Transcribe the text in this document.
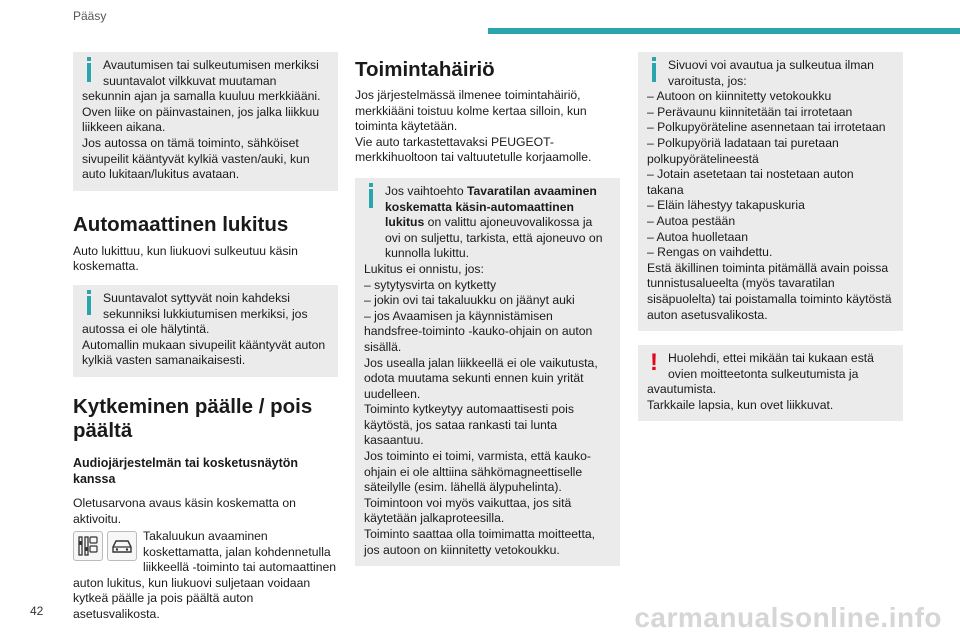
Pääsy

Avautumisen tai sulkeutumisen merkiksi suuntavalot vilkkuvat muutaman

sekunnin ajan ja samalla kuuluu merkkiääni. Oven liike on päinvastainen, jos jalka liikkuu liikkeen aikana.

Jos autossa on tämä toiminto, sähköiset sivupeilit kääntyvät kylkiä vasten/auki, kun auto lukitaan/lukitus avataan.

Automaattinen lukitus

Auto lukittuu, kun liukuovi sulkeutuu käsin koskematta.

Suuntavalot syttyvät noin kahdeksi sekunniksi lukkiutumisen merkiksi, jos

autossa ei ole hälytintä.

Automallin mukaan sivupeilit kääntyvät auton kylkiä vasten samanaikaisesti.

Kytkeminen päälle / pois päältä
Audiojärjestelmän tai kosketusnäytön kanssa

Oletusarvona avaus käsin koskematta on aktivoitu.

Takaluukun avaaminen koskettamatta, jalan kohdennetulla liikkeellä -toiminto tai automaattinen auton lukitus, kun liukuovi suljetaan voidaan kytkeä päälle ja pois päältä auton asetusvalikosta.

Toimintahäiriö

Jos järjestelmässä ilmenee toimintahäiriö, merkkiääni toistuu kolme kertaa silloin, kun toiminta käytetään.

Vie auto tarkastettavaksi PEUGEOT-merkkihuoltoon tai valtuutetulle korjaamolle.

Jos vaihtoehto Tavaratilan avaaminen koskematta käsin-automaattinen lukitus on valittu ajoneuvovalikossa ja ovi on suljettu, tarkista, että ajoneuvo on kunnolla lukittu.

Lukitus ei onnistu, jos:

– sytytysvirta on kytketty

– jokin ovi tai takaluukku on jäänyt auki

– jos Avaamisen ja käynnistämisen handsfree-toiminto -kauko-ohjain on auton sisällä.

Jos usealla jalan liikkeellä ei ole vaikutusta, odota muutama sekunti ennen kuin yrität uudelleen.

Toiminto kytkeytyy automaattisesti pois käytöstä, jos sataa rankasti tai lunta kasaantuu.

Jos toiminto ei toimi, varmista, että kauko-ohjain ei ole alttiina sähkömagneettiselle säteilylle (esim. lähellä älypuhelinta).

Toimintoon voi myös vaikuttaa, jos sitä käytetään jalkaproteesilla.

Toiminto saattaa olla toimimatta moitteetta, jos autoon on kiinnitetty vetokoukku.

Sivuovi voi avautua ja sulkeutua ilman varoitusta, jos:

– Autoon on kiinnitetty vetokoukku

– Perävaunu kiinnitetään tai irrotetaan

– Polkupyöräteline asennetaan tai irrotetaan

– Polkupyöriä ladataan tai puretaan polkupyörätelineestä

– Jotain asetetaan tai nostetaan auton takana

– Eläin lähestyy takapuskuria

– Autoa pestään

– Autoa huolletaan

– Rengas on vaihdettu.

Estä äkillinen toiminta pitämällä avain poissa tunnistusalueelta (myös tavaratilan sisäpuolelta) tai poistamalla toiminto käytöstä auton asetusvalikosta.

! Huolehdi, ettei mikään tai kukaan estä ovien moitteetonta sulkeutumista ja

avautumista.

Tarkkaile lapsia, kun ovet liikkuvat.

42	carmanualsonline.info
